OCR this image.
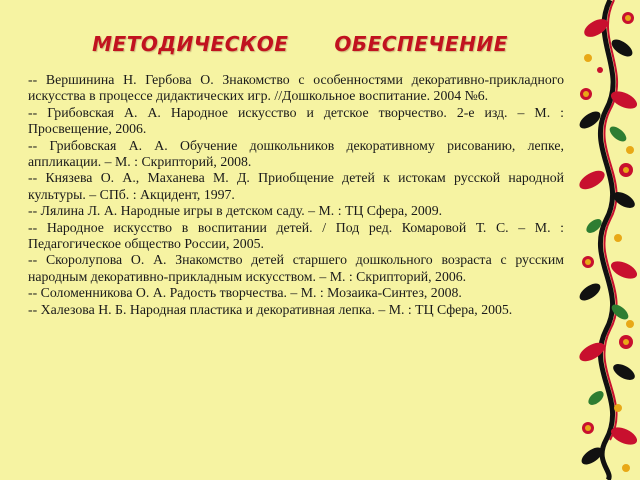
МЕТОДИЧЕСКОЕ ОБЕСПЕЧЕНИЕ

-- Вершинина Н. Гербова О. Знакомство с особенностями декоративно-прикладного искусства в процессе дидактических игр. //Дошкольное воспитание. 2004 №6.

-- Грибовская А. А. Народное искусство и детское творчество. 2-е изд. – М. : Просвещение, 2006.

-- Грибовская А. А. Обучение дошкольников декоративному рисованию, лепке, аппликации. – М. : Скрипторий, 2008.

-- Князева О. А., Маханева М. Д. Приобщение детей к истокам русской народной культуры. – СПб. : Акцидент, 1997.

-- Лялина Л. А. Народные игры в детском саду. – М. : ТЦ Сфера, 2009.

-- Народное искусство в воспитании детей. / Под ред. Комаровой Т. С. – М. : Педагогическое общество России, 2005.

-- Скоролупова О. А. Знакомство детей старшего дошкольного возраста с русским народным декоративно-прикладным искусством. – М. : Скрипторий, 2006.

-- Соломенникова О. А. Радость творчества. – М. : Мозаика-Синтез, 2008.

-- Халезова Н. Б. Народная пластика и декоративная лепка. – М. : ТЦ Сфера, 2005.
